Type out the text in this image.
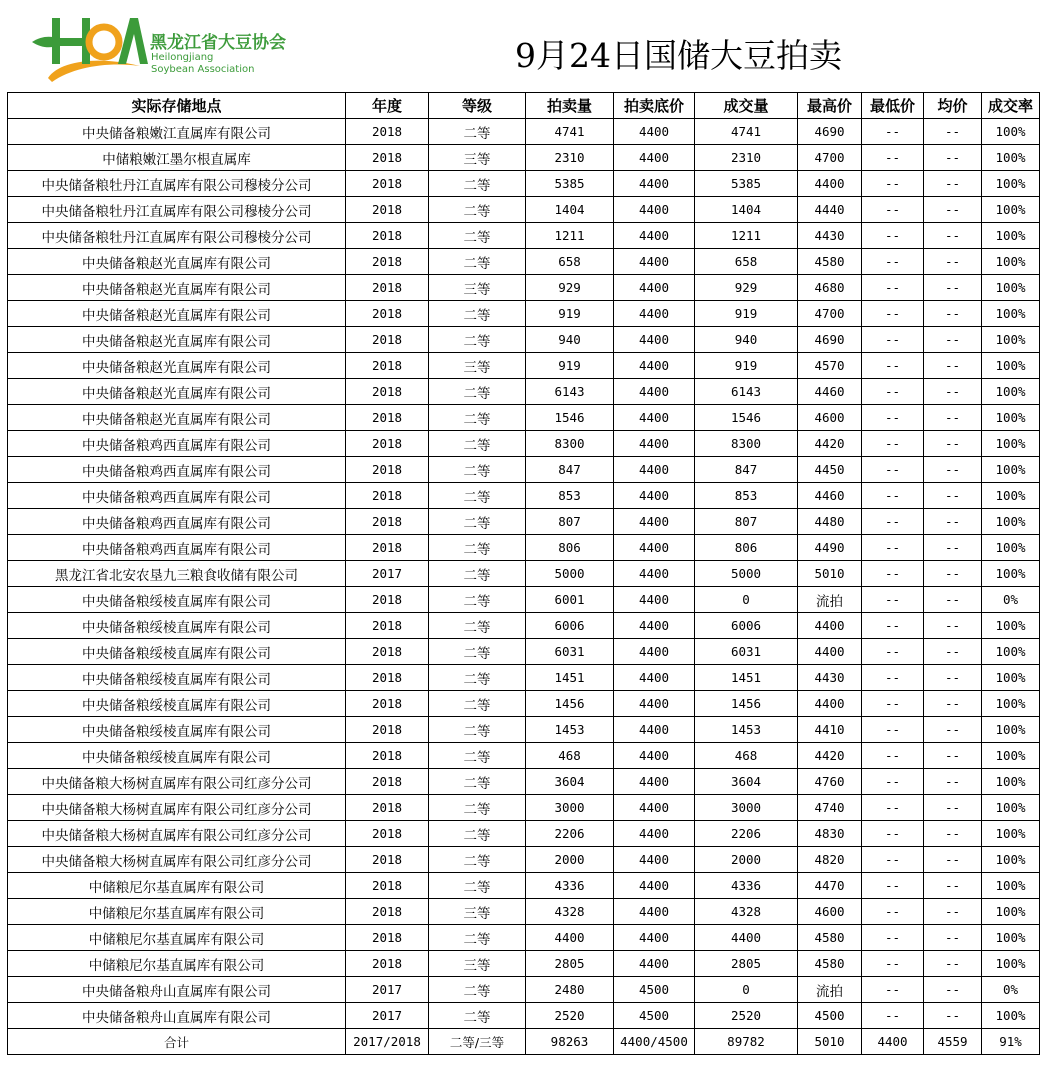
黑龙江省大豆协会
Heilongjiang
Soybean Association	9月24日国储大豆拍卖
实际存储地点	年度	等级	拍卖量	拍卖底价	成交量	最高价	最低价	均价	成交率
中央储备粮嫩江直属库有限公司	2018	二等	4741	4400	4741	4690	--	--	100%
中储粮嫩江墨尔根直属库	2018	三等	2310	4400	2310	4700	--	--	100%
中央储备粮牡丹江直属库有限公司穆棱分公司	2018	二等	5385	4400	5385	4400	--	--	100%
中央储备粮牡丹江直属库有限公司穆棱分公司	2018	二等	1404	4400	1404	4440	--	--	100%
中央储备粮牡丹江直属库有限公司穆棱分公司	2018	二等	1211	4400	1211	4430	--	--	100%
中央储备粮赵光直属库有限公司	2018	二等	658	4400	658	4580	--	--	100%
中央储备粮赵光直属库有限公司	2018	三等	929	4400	929	4680	--	--	100%
中央储备粮赵光直属库有限公司	2018	二等	919	4400	919	4700	--	--	100%
中央储备粮赵光直属库有限公司	2018	二等	940	4400	940	4690	--	--	100%
中央储备粮赵光直属库有限公司	2018	三等	919	4400	919	4570	--	--	100%
中央储备粮赵光直属库有限公司	2018	二等	6143	4400	6143	4460	--	--	100%
中央储备粮赵光直属库有限公司	2018	二等	1546	4400	1546	4600	--	--	100%
中央储备粮鸡西直属库有限公司	2018	二等	8300	4400	8300	4420	--	--	100%
中央储备粮鸡西直属库有限公司	2018	二等	847	4400	847	4450	--	--	100%
中央储备粮鸡西直属库有限公司	2018	二等	853	4400	853	4460	--	--	100%
中央储备粮鸡西直属库有限公司	2018	二等	807	4400	807	4480	--	--	100%
中央储备粮鸡西直属库有限公司	2018	二等	806	4400	806	4490	--	--	100%
黑龙江省北安农垦九三粮食收储有限公司	2017	二等	5000	4400	5000	5010	--	--	100%
中央储备粮绥棱直属库有限公司	2018	二等	6001	4400	0	流拍	--	--	0%
中央储备粮绥棱直属库有限公司	2018	二等	6006	4400	6006	4400	--	--	100%
中央储备粮绥棱直属库有限公司	2018	二等	6031	4400	6031	4400	--	--	100%
中央储备粮绥棱直属库有限公司	2018	二等	1451	4400	1451	4430	--	--	100%
中央储备粮绥棱直属库有限公司	2018	二等	1456	4400	1456	4400	--	--	100%
中央储备粮绥棱直属库有限公司	2018	二等	1453	4400	1453	4410	--	--	100%
中央储备粮绥棱直属库有限公司	2018	二等	468	4400	468	4420	--	--	100%
中央储备粮大杨树直属库有限公司红彦分公司	2018	二等	3604	4400	3604	4760	--	--	100%
中央储备粮大杨树直属库有限公司红彦分公司	2018	二等	3000	4400	3000	4740	--	--	100%
中央储备粮大杨树直属库有限公司红彦分公司	2018	二等	2206	4400	2206	4830	--	--	100%
中央储备粮大杨树直属库有限公司红彦分公司	2018	二等	2000	4400	2000	4820	--	--	100%
中储粮尼尔基直属库有限公司	2018	二等	4336	4400	4336	4470	--	--	100%
中储粮尼尔基直属库有限公司	2018	三等	4328	4400	4328	4600	--	--	100%
中储粮尼尔基直属库有限公司	2018	二等	4400	4400	4400	4580	--	--	100%
中储粮尼尔基直属库有限公司	2018	三等	2805	4400	2805	4580	--	--	100%
中央储备粮舟山直属库有限公司	2017	二等	2480	4500	0	流拍	--	--	0%
中央储备粮舟山直属库有限公司	2017	二等	2520	4500	2520	4500	--	--	100%
合计	2017/2018	二等/三等	98263	4400/4500	89782	5010	4400	4559	91%
